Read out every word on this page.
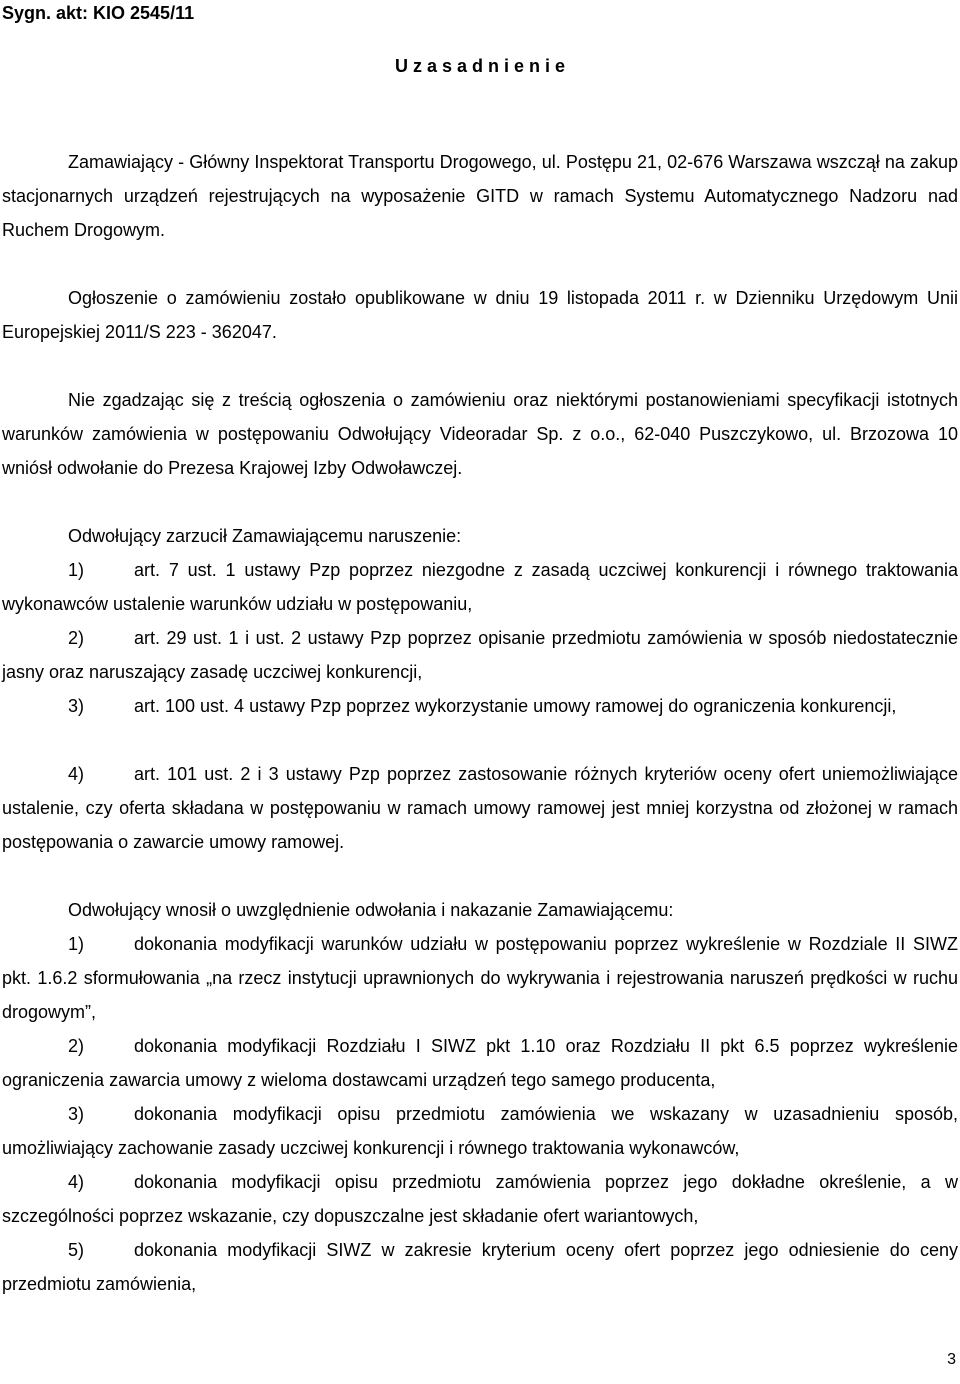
Sygn. akt: KIO 2545/11
U z a s a d n i e n i e

Zamawiający - Główny Inspektorat Transportu Drogowego, ul. Postępu 21, 02-676 Warszawa wszczął na zakup stacjonarnych urządzeń rejestrujących na wyposażenie GITD w ramach Systemu Automatycznego Nadzoru nad Ruchem Drogowym.

Ogłoszenie o zamówieniu zostało opublikowane w dniu 19 listopada 2011 r. w Dzienniku Urzędowym Unii Europejskiej 2011/S 223 - 362047.

Nie zgadzając się z treścią ogłoszenia o zamówieniu oraz niektórymi postanowieniami specyfikacji istotnych warunków zamówienia w postępowaniu Odwołujący Videoradar Sp. z o.o., 62-040 Puszczykowo, ul. Brzozowa 10 wniósł odwołanie do Prezesa Krajowej Izby Odwoławczej.

Odwołujący zarzucił Zamawiającemu naruszenie:

1)	art. 7 ust. 1 ustawy Pzp poprzez niezgodne z zasadą uczciwej konkurencji i równego traktowania wykonawców ustalenie warunków udziału w postępowaniu,

2)	art. 29 ust. 1 i ust. 2 ustawy Pzp poprzez opisanie przedmiotu zamówienia w sposób niedostatecznie jasny oraz naruszający zasadę uczciwej konkurencji,

3)	art. 100 ust. 4 ustawy Pzp poprzez wykorzystanie umowy ramowej do ograniczenia konkurencji,

4)	art. 101 ust. 2 i 3 ustawy Pzp poprzez zastosowanie różnych kryteriów oceny ofert uniemożliwiające ustalenie, czy oferta składana w postępowaniu w ramach umowy ramowej jest mniej korzystna od złożonej w ramach postępowania o zawarcie umowy ramowej.

Odwołujący wnosił o uwzględnienie odwołania i nakazanie Zamawiającemu:

1)	dokonania modyfikacji warunków udziału w postępowaniu poprzez wykreślenie w Rozdziale II SIWZ pkt. 1.6.2 sformułowania „na rzecz instytucji uprawnionych do wykrywania i rejestrowania naruszeń prędkości w ruchu drogowym”,

2)	dokonania modyfikacji Rozdziału I SIWZ pkt 1.10 oraz Rozdziału II pkt 6.5 poprzez wykreślenie ograniczenia zawarcia umowy z wieloma dostawcami urządzeń tego samego producenta,

3)	dokonania modyfikacji opisu przedmiotu zamówienia we wskazany w uzasadnieniu sposób, umożliwiający zachowanie zasady uczciwej konkurencji i równego traktowania wykonawców,

4)	dokonania modyfikacji opisu przedmiotu zamówienia poprzez jego dokładne określenie, a w szczególności poprzez wskazanie, czy dopuszczalne jest składanie ofert wariantowych,

5)	dokonania modyfikacji SIWZ w zakresie kryterium oceny ofert poprzez jego odniesienie do ceny przedmiotu zamówienia,

3
